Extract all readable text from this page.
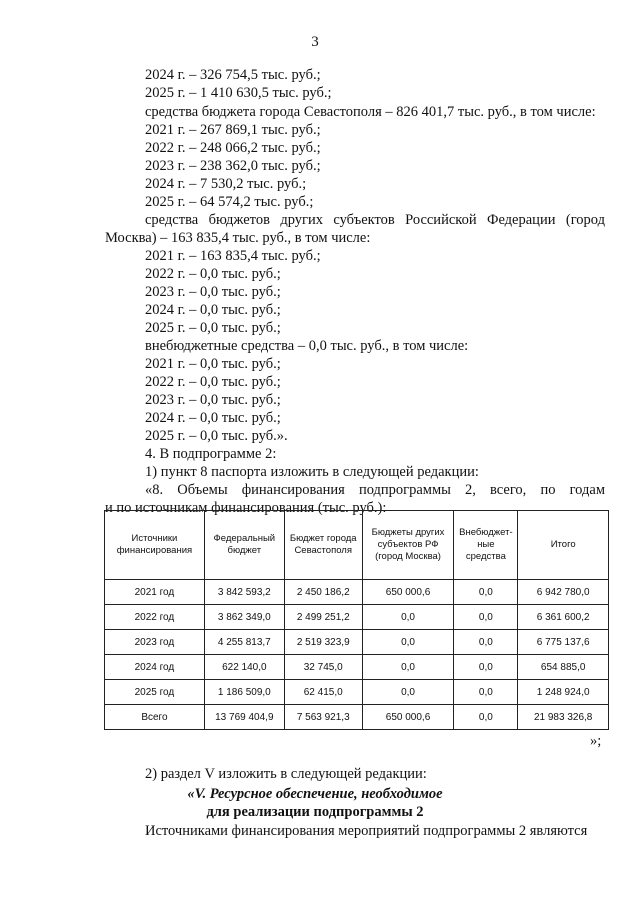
3
2024 г. – 326 754,5 тыс. руб.;
2025 г. – 1 410 630,5 тыс. руб.;
средства бюджета города Севастополя – 826 401,7 тыс. руб., в том числе:
2021 г. – 267 869,1 тыс. руб.;
2022 г. – 248 066,2 тыс. руб.;
2023 г. – 238 362,0 тыс. руб.;
2024 г. – 7 530,2 тыс. руб.;
2025 г. – 64 574,2 тыс. руб.;
средства бюджетов других субъектов Российской Федерации (город
Москва) – 163 835,4 тыс. руб., в том числе:
2021 г. – 163 835,4 тыс. руб.;
2022 г. – 0,0 тыс. руб.;
2023 г. – 0,0 тыс. руб.;
2024 г. – 0,0 тыс. руб.;
2025 г. – 0,0 тыс. руб.;
внебюджетные средства – 0,0 тыс. руб., в том числе:
2021 г. – 0,0 тыс. руб.;
2022 г. – 0,0 тыс. руб.;
2023 г. – 0,0 тыс. руб.;
2024 г. – 0,0 тыс. руб.;
2025 г. – 0,0 тыс. руб.».
4. В подпрограмме 2:
1) пункт 8 паспорта изложить в следующей редакции:
«8. Объемы финансирования подпрограммы 2, всего, по годам
и по источникам финансирования (тыс. руб.):
Источники финансирования	Федеральный бюджет	Бюджет города Севастополя	Бюджеты других субъектов РФ (город Москва)	Внебюджет-ные средства	Итого
2021 год	3 842 593,2	2 450 186,2	650 000,6	0,0	6 942 780,0
2022 год	3 862 349,0	2 499 251,2	0,0	0,0	6 361 600,2
2023 год	4 255 813,7	2 519 323,9	0,0	0,0	6 775 137,6
2024 год	622 140,0	32 745,0	0,0	0,0	654 885,0
2025 год	1 186 509,0	62 415,0	0,0	0,0	1 248 924,0
Всего	13 769 404,9	7 563 921,3	650 000,6	0,0	21 983 326,8
»;
2) раздел V изложить в следующей редакции:
«V. Ресурсное обеспечение, необходимое
для реализации подпрограммы 2
Источниками финансирования мероприятий подпрограммы 2 являются
